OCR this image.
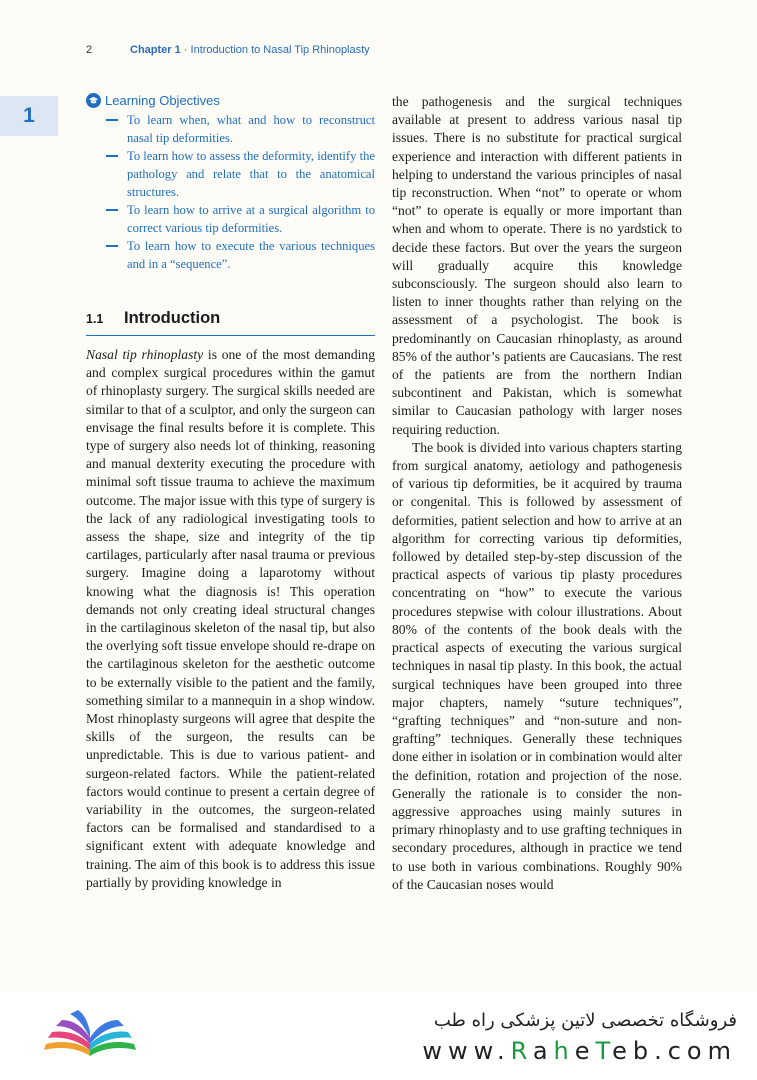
2	Chapter 1 · Introduction to Nasal Tip Rhinoplasty
1
Learning Objectives
To learn when, what and how to reconstruct nasal tip deformities.
To learn how to assess the deformity, identify the pathology and relate that to the anatomical structures.
To learn how to arrive at a surgical algorithm to correct various tip deformities.
To learn how to execute the various techniques and in a “sequence”.
1.1	Introduction

Nasal tip rhinoplasty is one of the most demanding and complex surgical procedures within the gamut of rhinoplasty surgery. The surgical skills needed are similar to that of a sculptor, and only the surgeon can envisage the final results before it is complete. This type of surgery also needs lot of thinking, reasoning and manual dexterity executing the procedure with minimal soft tissue trauma to achieve the maximum outcome. The major issue with this type of surgery is the lack of any radiological investigating tools to assess the shape, size and integrity of the tip cartilages, particularly after nasal trauma or previous surgery. Imagine doing a laparotomy without knowing what the diagnosis is! This operation demands not only creating ideal structural changes in the cartilaginous skeleton of the nasal tip, but also the overlying soft tissue envelope should re-drape on the cartilaginous skeleton for the aesthetic outcome to be externally visible to the patient and the family, something similar to a mannequin in a shop window. Most rhinoplasty surgeons will agree that despite the skills of the surgeon, the results can be unpredictable. This is due to various patient- and surgeon-related factors. While the patient-related factors would continue to present a certain degree of variability in the outcomes, the surgeon-related factors can be formalised and standardised to a significant extent with adequate knowledge and training. The aim of this book is to address this issue partially by providing knowledge in

the pathogenesis and the surgical techniques available at present to address various nasal tip issues. There is no substitute for practical surgical experience and interaction with different patients in helping to understand the various principles of nasal tip reconstruction. When “not” to operate or whom “not” to operate is equally or more important than when and whom to operate. There is no yardstick to decide these factors. But over the years the surgeon will gradually acquire this knowledge subconsciously. The surgeon should also learn to listen to inner thoughts rather than relying on the assessment of a psychologist. The book is predominantly on Caucasian rhinoplasty, as around 85% of the author’s patients are Caucasians. The rest of the patients are from the northern Indian subcontinent and Pakistan, which is somewhat similar to Caucasian pathology with larger noses requiring reduction.

The book is divided into various chapters starting from surgical anatomy, aetiology and pathogenesis of various tip deformities, be it acquired by trauma or congenital. This is followed by assessment of deformities, patient selection and how to arrive at an algorithm for correcting various tip deformities, followed by detailed step-by-step discussion of the practical aspects of various tip plasty procedures concentrating on “how” to execute the various procedures stepwise with colour illustrations. About 80% of the contents of the book deals with the practical aspects of executing the various surgical techniques in nasal tip plasty. In this book, the actual surgical techniques have been grouped into three major chapters, namely “suture techniques”, “grafting techniques” and “non-suture and non-grafting” techniques. Generally these techniques done either in isolation or in combination would alter the definition, rotation and projection of the nose. Generally the rationale is to consider the non-aggressive approaches using mainly sutures in primary rhinoplasty and to use grafting techniques in secondary procedures, although in practice we tend to use both in various combinations. Roughly 90% of the Caucasian noses would

فروشگاه تخصصی لاتین پزشکی راه طب
www.RaheTeb.com
